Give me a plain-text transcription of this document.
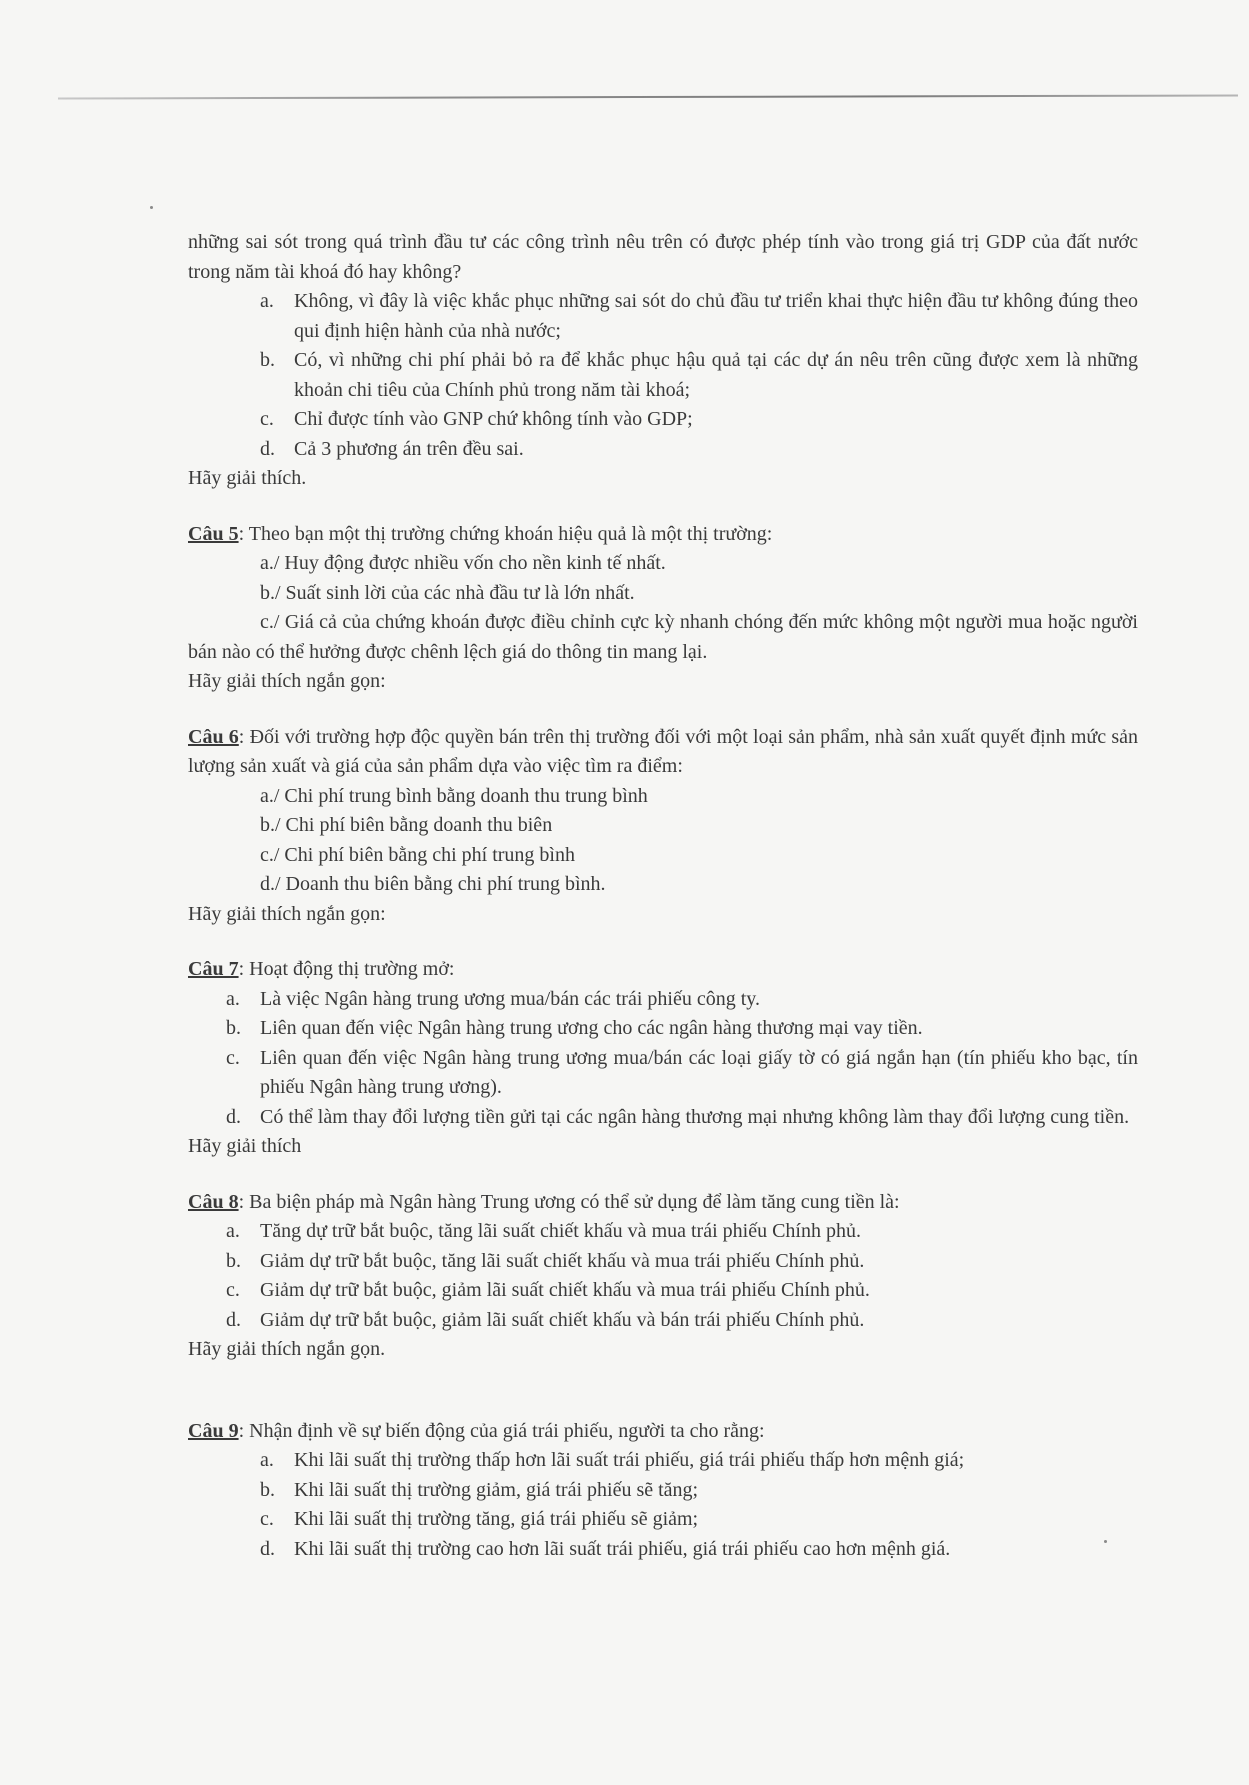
những sai sót trong quá trình đầu tư các công trình nêu trên có được phép tính vào trong giá trị GDP của đất nước trong năm tài khoá đó hay không?

a.	Không, vì đây là việc khắc phục những sai sót do chủ đầu tư triển khai thực hiện đầu tư không đúng theo qui định hiện hành của nhà nước;
b. Có, vì những chi phí phải bỏ ra để khắc phục hậu quả tại các dự án nêu trên cũng được xem là những khoản chi tiêu của Chính phủ trong năm tài khoá;
c.	Chỉ được tính vào GNP chứ không tính vào GDP;
d. Cả 3 phương án trên đều sai.

Hãy giải thích.

Câu 5: Theo bạn một thị trường chứng khoán hiệu quả là một thị trường:

a./ Huy động được nhiều vốn cho nền kinh tế nhất.

b./ Suất sinh lời của các nhà đầu tư là lớn nhất.

c./ Giá cả của chứng khoán được điều chỉnh cực kỳ nhanh chóng đến mức không một người mua hoặc người bán nào có thể hưởng được chênh lệch giá do thông tin mang lại.

Hãy giải thích ngắn gọn:

Câu 6: Đối với trường hợp độc quyền bán trên thị trường đối với một loại sản phẩm, nhà sản xuất quyết định mức sản lượng sản xuất và giá của sản phẩm dựa vào việc tìm ra điểm:

a./ Chi phí trung bình bằng doanh thu trung bình

b./ Chi phí biên bằng doanh thu biên

c./ Chi phí biên bằng chi phí trung bình

d./ Doanh thu biên bằng chi phí trung bình.

Hãy giải thích ngắn gọn:

Câu 7: Hoạt động thị trường mở:

a.	Là việc Ngân hàng trung ương mua/bán các trái phiếu công ty.
b. Liên quan đến việc Ngân hàng trung ương cho các ngân hàng thương mại vay tiền.
c.	Liên quan đến việc Ngân hàng trung ương mua/bán các loại giấy tờ có giá ngắn hạn (tín phiếu kho bạc, tín phiếu Ngân hàng trung ương).
d. Có thể làm thay đổi lượng tiền gửi tại các ngân hàng thương mại nhưng không làm thay đổi lượng cung tiền.

Hãy giải thích

Câu 8: Ba biện pháp mà Ngân hàng Trung ương có thể sử dụng để làm tăng cung tiền là:

a.	Tăng dự trữ bắt buộc, tăng lãi suất chiết khấu và mua trái phiếu Chính phủ.
b. Giảm dự trữ bắt buộc, tăng lãi suất chiết khấu và mua trái phiếu Chính phủ.
c.	Giảm dự trữ bắt buộc, giảm lãi suất chiết khấu và mua trái phiếu Chính phủ.
d. Giảm dự trữ bắt buộc, giảm lãi suất chiết khấu và bán trái phiếu Chính phủ.

Hãy giải thích ngắn gọn.

Câu 9: Nhận định về sự biến động của giá trái phiếu, người ta cho rằng:

a.	Khi lãi suất thị trường thấp hơn lãi suất trái phiếu, giá trái phiếu thấp hơn mệnh giá;
b. Khi lãi suất thị trường giảm, giá trái phiếu sẽ tăng;
c.	Khi lãi suất thị trường tăng, giá trái phiếu sẽ giảm;
d. Khi lãi suất thị trường cao hơn lãi suất trái phiếu, giá trái phiếu cao hơn mệnh giá.
